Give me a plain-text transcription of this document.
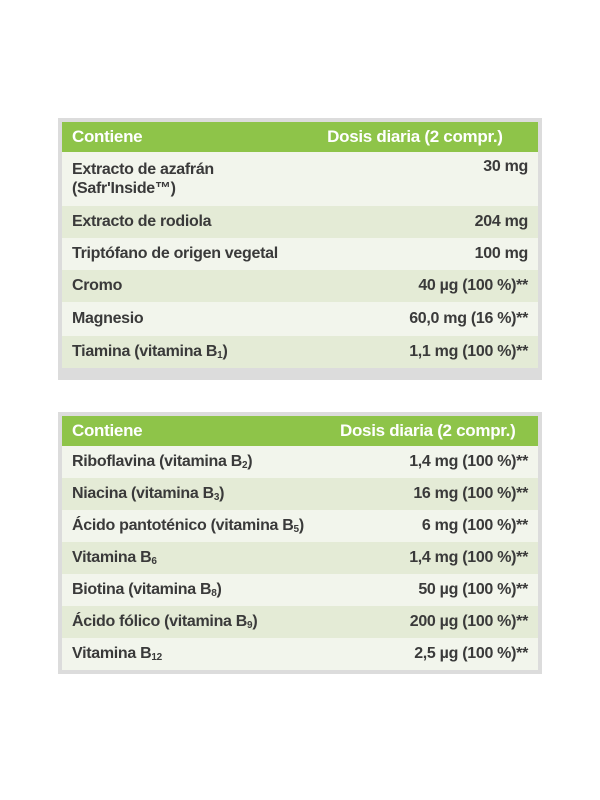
Contiene	Dosis diaria (2 compr.)
Extracto de azafrán
(Safr'Inside™)	30 mg
Extracto de rodiola	204 mg
Triptófano de origen vegetal	100 mg
Cromo	40 µg (100 %)**
Magnesio	60,0 mg (16 %)**
Tiamina (vitamina $B_1$)	1,1 mg (100 %)**
Contiene	Dosis diaria (2 compr.)
Riboflavina (vitamina $B_2$)	1,4 mg (100 %)**
Niacina (vitamina $B_3$)	16 mg (100 %)**
Ácido pantoténico (vitamina $B_5$)	6 mg (100 %)**
Vitamina $B_6$	1,4 mg (100 %)**
Biotina (vitamina $B_8$)	50 µg (100 %)**
Ácido fólico (vitamina $B_9$)	200 µg (100 %)**
Vitamina $B_{12}$	2,5 µg (100 %)**
